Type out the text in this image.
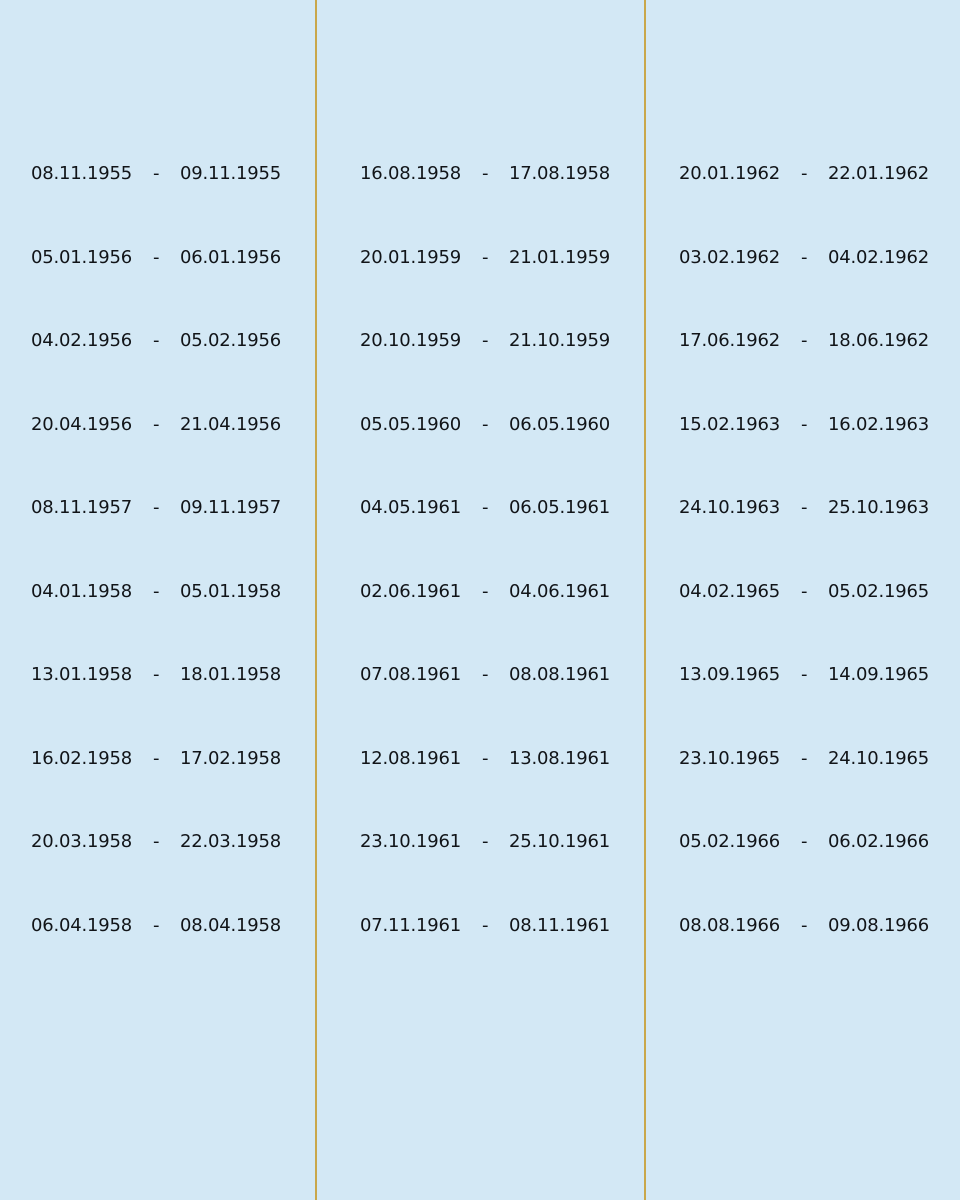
08.11.1955 - 09.11.1955
05.01.1956 - 06.01.1956
04.02.1956 - 05.02.1956
20.04.1956 - 21.04.1956
08.11.1957 - 09.11.1957
04.01.1958 - 05.01.1958
13.01.1958 - 18.01.1958
16.02.1958 - 17.02.1958
20.03.1958 - 22.03.1958
06.04.1958 - 08.04.1958
16.08.1958 - 17.08.1958
20.01.1959 - 21.01.1959
20.10.1959 - 21.10.1959
05.05.1960 - 06.05.1960
04.05.1961 - 06.05.1961
02.06.1961 - 04.06.1961
07.08.1961 - 08.08.1961
12.08.1961 - 13.08.1961
23.10.1961 - 25.10.1961
07.11.1961 - 08.11.1961
20.01.1962 - 22.01.1962
03.02.1962 - 04.02.1962
17.06.1962 - 18.06.1962
15.02.1963 - 16.02.1963
24.10.1963 - 25.10.1963
04.02.1965 - 05.02.1965
13.09.1965 - 14.09.1965
23.10.1965 - 24.10.1965
05.02.1966 - 06.02.1966
08.08.1966 - 09.08.1966
